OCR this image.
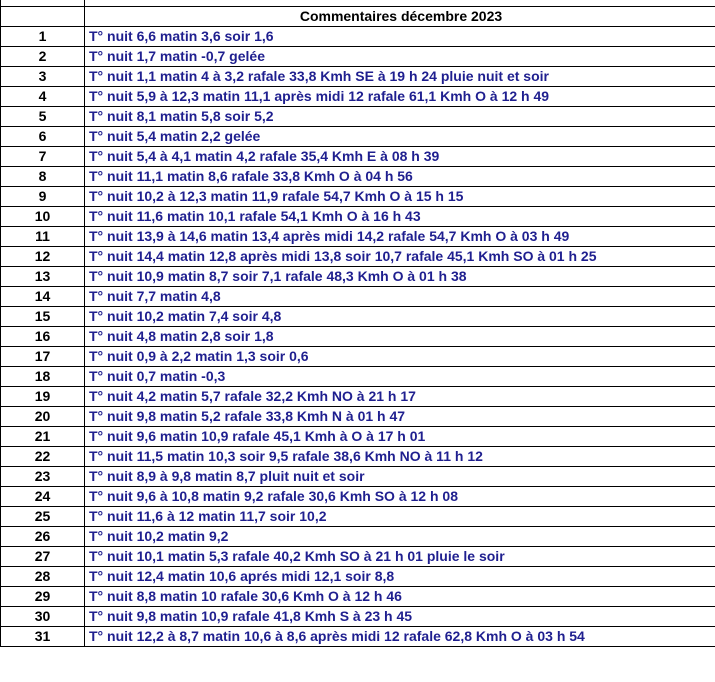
	Commentaires décembre 2023
1	T° nuit 6,6 matin 3,6 soir 1,6
2	T° nuit 1,7 matin -0,7 gelée
3	T° nuit 1,1 matin 4 à 3,2 rafale 33,8 Kmh SE à 19 h 24 pluie nuit et soir
4	T° nuit 5,9 à 12,3 matin 11,1 après midi 12 rafale 61,1 Kmh O à 12 h 49
5	T° nuit 8,1 matin 5,8 soir 5,2
6	T° nuit 5,4 matin 2,2 gelée
7	T° nuit 5,4 à 4,1 matin 4,2 rafale 35,4 Kmh E à 08 h 39
8	T° nuit 11,1 matin 8,6 rafale 33,8 Kmh O à 04 h 56
9	T° nuit 10,2 à 12,3 matin 11,9 rafale 54,7 Kmh O à 15 h 15
10	T° nuit 11,6 matin 10,1 rafale 54,1 Kmh O à 16 h 43
11	T° nuit 13,9 à 14,6 matin 13,4 après midi 14,2 rafale 54,7 Kmh O à 03 h 49
12	T° nuit 14,4 matin 12,8 après midi 13,8 soir 10,7 rafale 45,1 Kmh SO à 01 h 25
13	T° nuit 10,9 matin 8,7 soir 7,1 rafale 48,3 Kmh O à 01 h 38
14	T° nuit 7,7 matin 4,8
15	T° nuit 10,2 matin 7,4 soir 4,8
16	T° nuit 4,8 matin 2,8 soir 1,8
17	T° nuit 0,9 à 2,2 matin 1,3 soir 0,6
18	T° nuit 0,7 matin -0,3
19	T° nuit 4,2 matin 5,7 rafale 32,2 Kmh NO à 21 h 17
20	T° nuit 9,8 matin 5,2 rafale 33,8 Kmh N à 01 h 47
21	T° nuit 9,6 matin 10,9 rafale 45,1 Kmh à O à 17 h 01
22	T° nuit 11,5 matin 10,3 soir 9,5 rafale 38,6 Kmh NO à 11 h 12
23	T° nuit 8,9 à 9,8 matin 8,7 pluit nuit et soir
24	T° nuit 9,6 à 10,8 matin 9,2 rafale 30,6 Kmh SO à 12 h 08
25	T° nuit 11,6 à 12 matin 11,7 soir 10,2
26	T° nuit 10,2 matin 9,2
27	T° nuit 10,1 matin 5,3 rafale 40,2 Kmh SO à 21 h 01 pluie le soir
28	T° nuit 12,4 matin 10,6 aprés midi 12,1 soir 8,8
29	T° nuit 8,8 matin 10 rafale 30,6 Kmh O à 12 h 46
30	T° nuit 9,8 matin 10,9 rafale 41,8 Kmh S à 23 h 45
31	T° nuit 12,2 à 8,7 matin 10,6 à 8,6 après midi 12 rafale 62,8 Kmh O à 03 h 54
